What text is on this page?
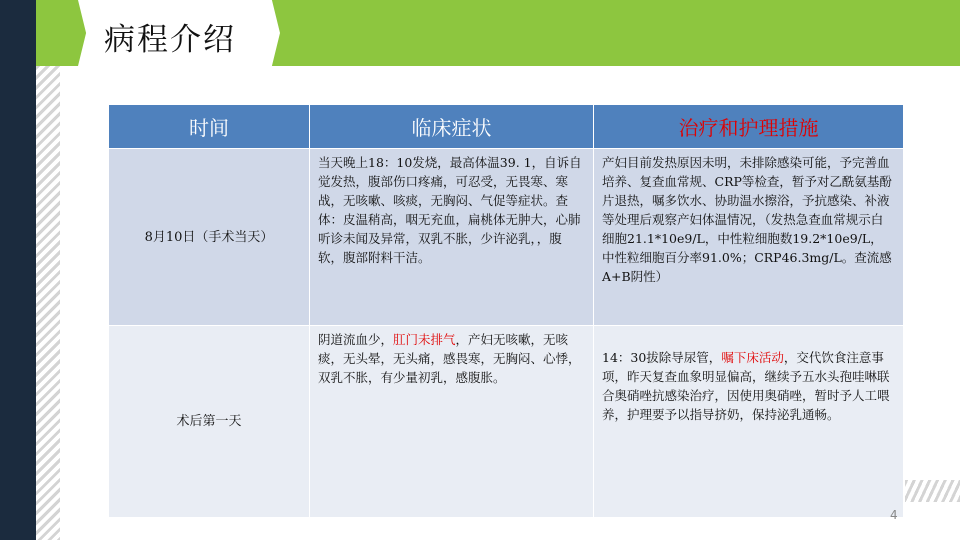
病程介绍
时间	临床症状	治疗和护理措施
8月10日（手术当天）	当天晚上18：10发烧，最高体温39. 1，自诉自觉发热，腹部伤口疼痛，可忍受，无畏寒、寒战，无咳嗽、咳痰，无胸闷、气促等症状。查体：皮温稍高，咽无充血，扁桃体无肿大，心肺听诊未闻及异常，双乳不胀，少许泌乳，，腹软，腹部附料干洁。	产妇目前发热原因未明，未排除感染可能，予完善血培养、复查血常规、CRP等检查，暂予对乙酰氨基酚片退热，嘱多饮水、协助温水擦浴，予抗感染、补液等处理后观察产妇体温情况，（发热急查血常规示白细胞21.1*10e9/L，中性粒细胞数19.2*10e9/L，中性粒细胞百分率91.0%；CRP46.3mg/L。查流感A+B阴性）
术后第一天	阴道流血少，肛门未排气，产妇无咳嗽，无咳痰，无头晕，无头痛，感畏寒，无胸闷、心悸，双乳不胀，有少量初乳，感腹胀。	14：30拔除导尿管，嘱下床活动，交代饮食注意事项，昨天复查血象明显偏高，继续予五水头孢哇啉联合奥硝唑抗感染治疗，因使用奥硝唑，暂时予人工喂养，护理要予以指导挤奶，保持泌乳通畅。
4
